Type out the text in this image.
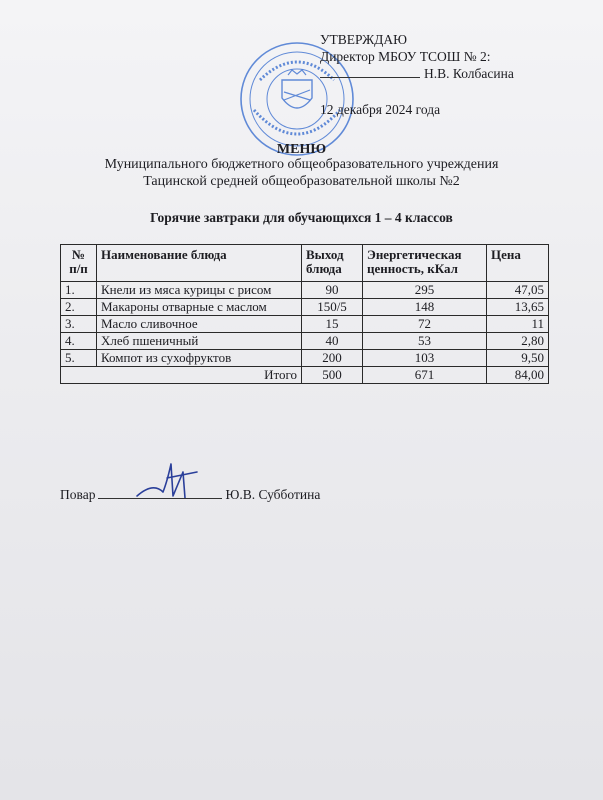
УТВЕРЖДАЮ
Директор МБОУ ТСОШ № 2:
Н.В. Колбасина
12 декабря 2024 года
МЕНЮ
Муниципального бюджетного общеобразовательного учреждения
Тацинской средней общеобразовательной школы №2
Горячие завтраки для обучающихся 1 – 4 классов
№ п/п	Наименование блюда	Выход блюда	Энергетическая ценность, кКал	Цена
1.	Кнели из мяса курицы с рисом	90	295	47,05
2.	Макароны отварные с маслом	150/5	148	13,65
3.	Масло сливочное	15	72	11
4.	Хлеб пшеничный	40	53	2,80
5.	Компот из сухофруктов	200	103	9,50
Итого		500	671	84,00
Повар	Ю.В. Субботина
